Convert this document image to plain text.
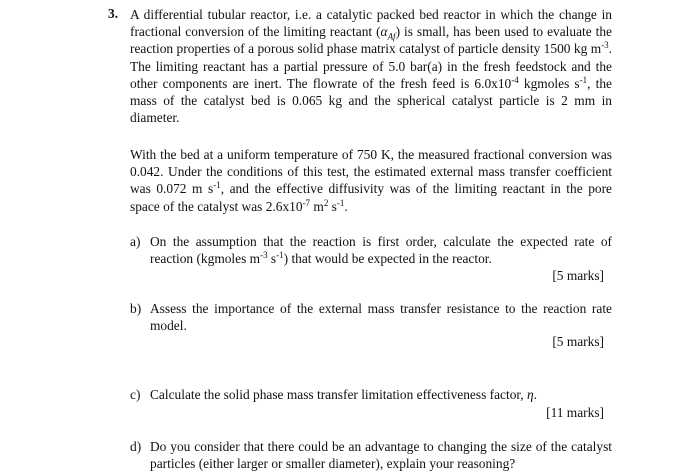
3. A differential tubular reactor, i.e. a catalytic packed bed reactor in which the change in fractional conversion of the limiting reactant $(\alpha_{Af})$ is small, has been used to evaluate the reaction properties of a porous solid phase matrix catalyst of particle density 1500 kg $m^{-3}$. The limiting reactant has a partial pressure of 5.0 bar(a) in the fresh feedstock and the other components are inert. The flowrate of the fresh feed is $6.0x10^{-4}$ kgmoles $s^{-1}$, the mass of the catalyst bed is 0.065 kg and the spherical catalyst particle is 2 mm in diameter.
With the bed at a uniform temperature of 750 K, the measured fractional conversion was 0.042. Under the conditions of this test, the estimated external mass transfer coefficient was 0.072 m $s^{-1}$, and the effective diffusivity was of the limiting reactant in the pore space of the catalyst was $2.6x10^{-7}$ $m^2$ $s^{-1}$.
a) On the assumption that the reaction is first order, calculate the expected rate of reaction (kgmoles $m^{-3}$ $s^{-1}$) that would be expected in the reactor.
[5 marks]
b) Assess the importance of the external mass transfer resistance to the reaction rate model.
[5 marks]
c) Calculate the solid phase mass transfer limitation effectiveness factor, η.
[11 marks]
d) Do you consider that there could be an advantage to changing the size of the catalyst particles (either larger or smaller diameter), explain your reasoning?
